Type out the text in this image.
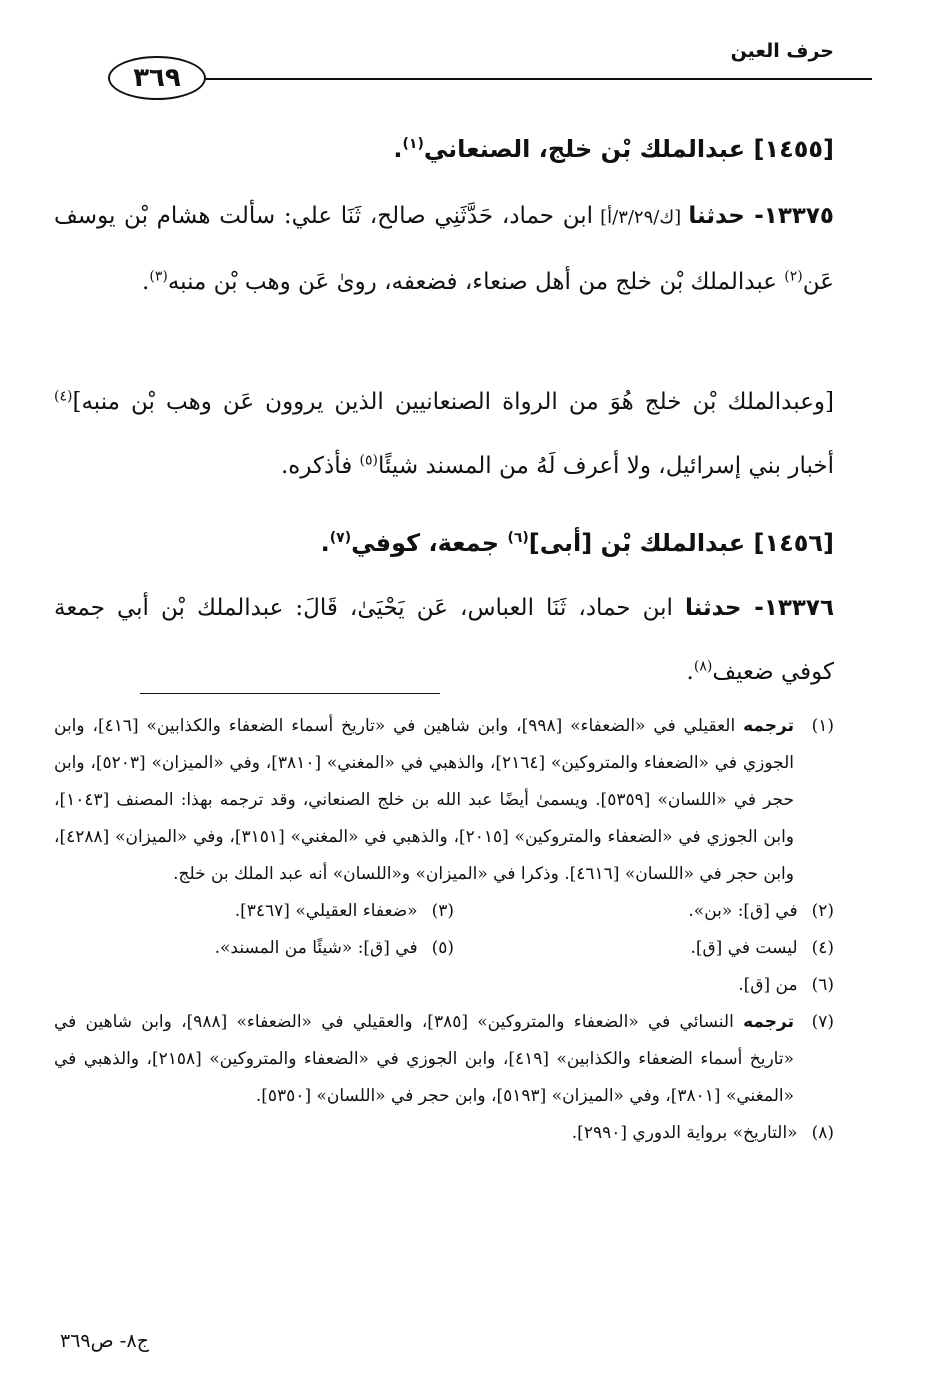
حرف العين
٣٦٩
[١٤٥٥] عبدالملك بْن خلج، الصنعاني$^{(١)}$.
١٣٣٧٥- حدثنا [ك/٣/٢٩/أ] ابن حماد، حَدَّثَنِي صالح، ثَنَا علي: سألت هشام بْن يوسف عَن$^{(٢)}$ عبدالملك بْن خلج من أهل صنعاء، فضعفه، روىٰ عَن وهب بْن منبه$^{(٣)}$.
[وعبدالملك بْن خلج هُوَ من الرواة الصنعانيين الذين يروون عَن وهب بْن منبه]$^{(٤)}$ أخبار بني إسرائيل، ولا أعرف لَهُ من المسند شيئًا$^{(٥)}$ فأذكره.
[١٤٥٦] عبدالملك بْن [أبى]$^{(٦)}$ جمعة، كوفي$^{(٧)}$.
١٣٣٧٦- حدثنا ابن حماد، ثَنَا العباس، عَن يَحْيَىٰ، قَالَ: عبدالملك بْن أبي جمعة كوفي ضعيف$^{(٨)}$.
(١)
ترجمه العقيلي في «الضعفاء» [٩٩٨]، وابن شاهين في «تاريخ أسماء الضعفاء والكذابين» [٤١٦]، وابن الجوزي في «الضعفاء والمتروكين» [٢١٦٤]، والذهبي في «المغني» [٣٨١٠]، وفي «الميزان» [٥٢٠٣]، وابن حجر في «اللسان» [٥٣٥٩]. ويسمىٰ أيضًا عبد الله بن خلج الصنعاني، وقد ترجمه بهذا: المصنف [١٠٤٣]، وابن الجوزي في «الضعفاء والمتروكين» [٢٠١٥]، والذهبي في «المغني» [٣١٥١]، وفي «الميزان» [٤٢٨٨]، وابن حجر في «اللسان» [٤٦١٦]. وذكرا في «الميزان» و«اللسان» أنه عبد الملك بن خلج.
(٢)في [ق]: «بن».
(٣)«ضعفاء العقيلي» [٣٤٦٧].
(٤)ليست في [ق].
(٥)في [ق]: «شيئًا من المسند».
(٦)من [ق].
(٧)
ترجمه النسائي في «الضعفاء والمتروكين» [٣٨٥]، والعقيلي في «الضعفاء» [٩٨٨]، وابن شاهين في «تاريخ أسماء الضعفاء والكذابين» [٤١٩]، وابن الجوزي في «الضعفاء والمتروكين» [٢١٥٨]، والذهبي في «المغني» [٣٨٠١]، وفي «الميزان» [٥١٩٣]، وابن حجر في «اللسان» [٥٣٥٠].
(٨)«التاريخ» برواية الدوري [٢٩٩٠].
ج٨- ص٣٦٩
